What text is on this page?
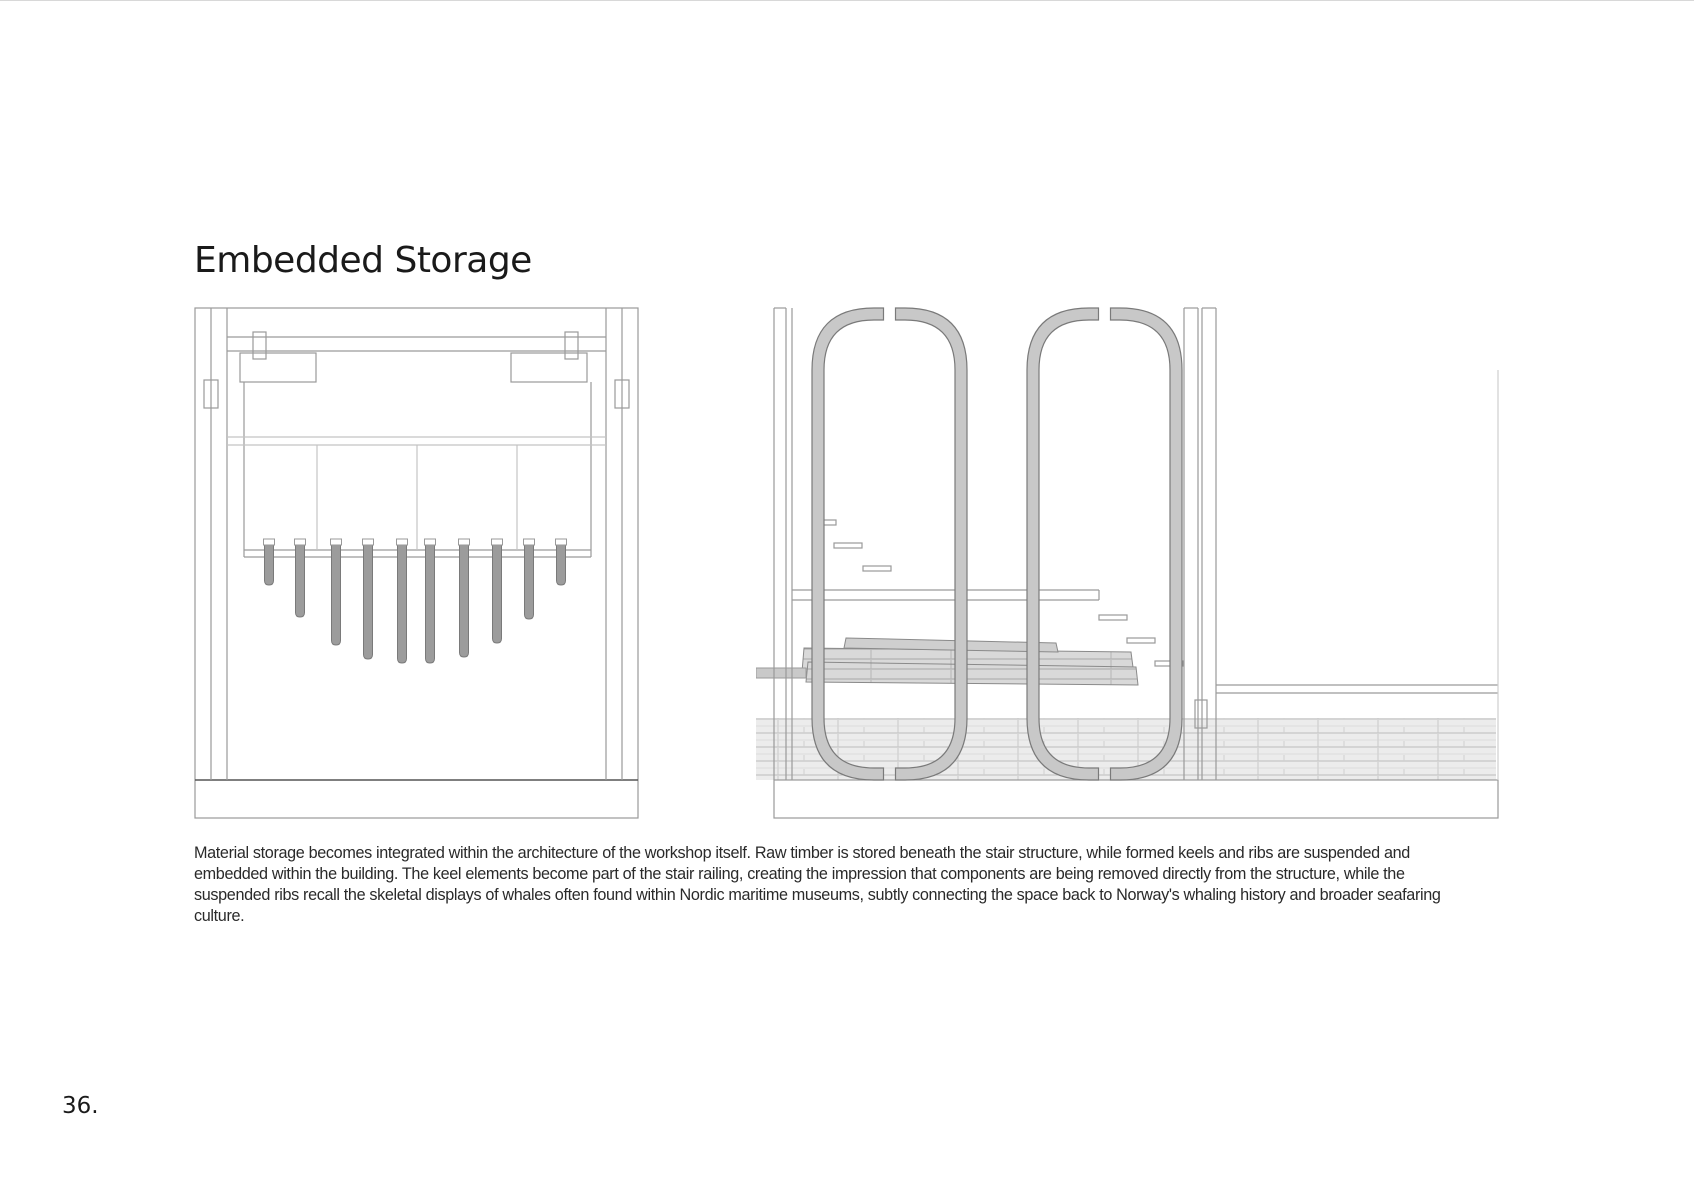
Embedded Storage

Material storage becomes integrated within the architecture of the workshop itself. Raw timber is stored beneath the stair structure, while formed keels and ribs are suspended and embedded within the building. The keel elements become part of the stair railing, creating the impression that components are being removed directly from the structure, while the suspended ribs recall the skeletal displays of whales often found within Nordic maritime museums, subtly connecting the space back to Norway's whaling history and broader seafaring culture.

36.
